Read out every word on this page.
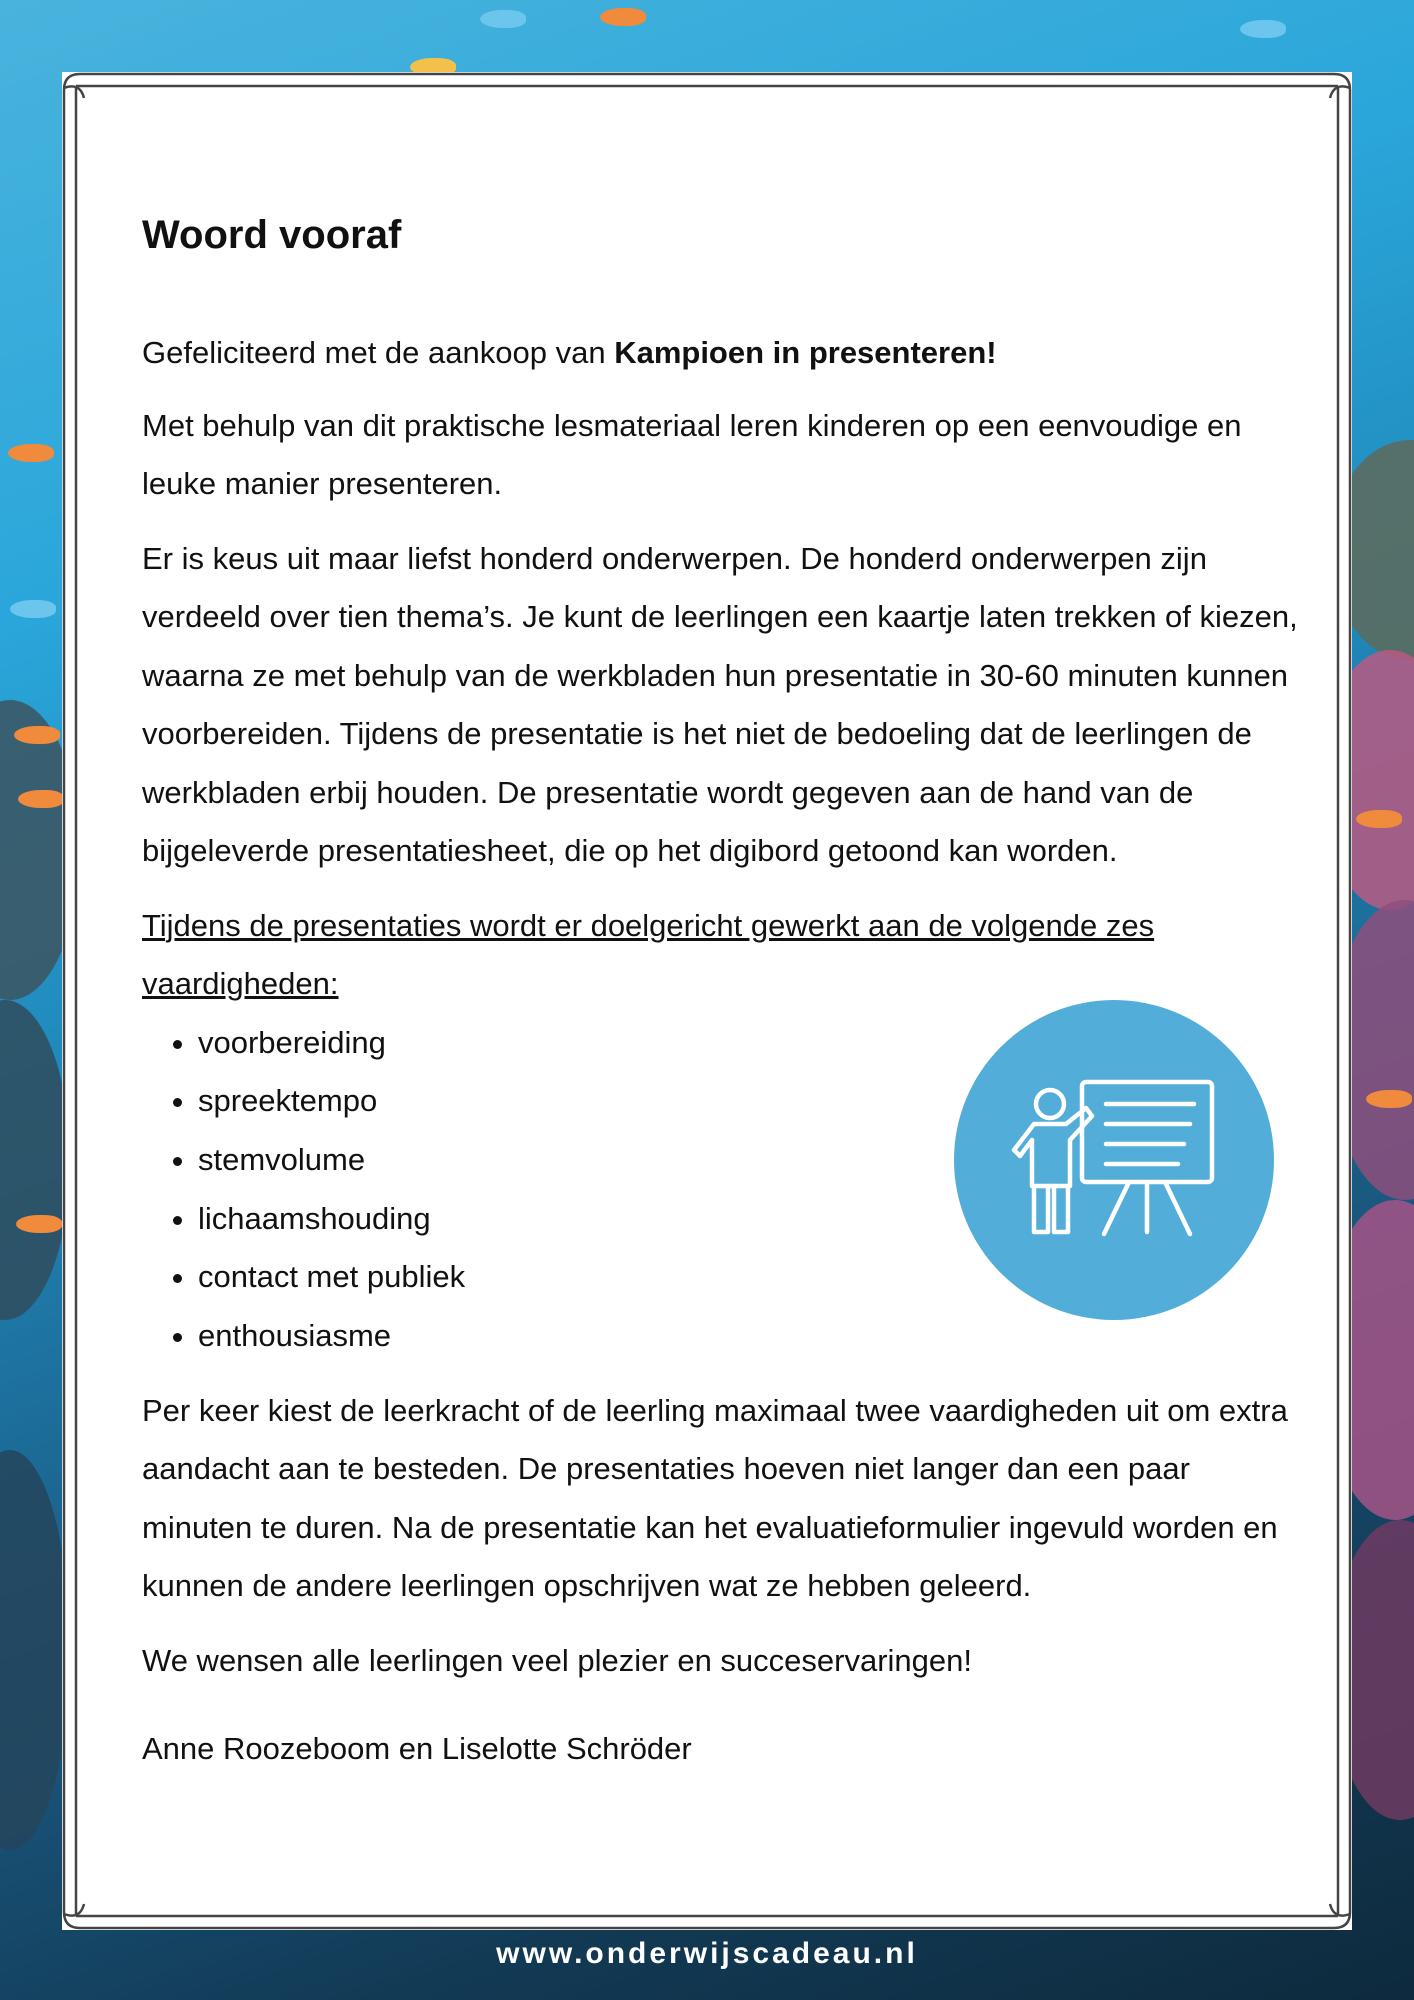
Woord vooraf

Gefeliciteerd met de aankoop van Kampioen in presenteren!

Met behulp van dit praktische lesmateriaal leren kinderen op een eenvoudige en leuke manier presenteren.

Er is keus uit maar liefst honderd onderwerpen. De honderd onderwerpen zijn verdeeld over tien thema’s. Je kunt de leerlingen een kaartje laten trekken of kiezen, waarna ze met behulp van de werkbladen hun presentatie in 30-60 minuten kunnen voorbereiden. Tijdens de presentatie is het niet de bedoeling dat de leerlingen de werkbladen erbij houden. De presentatie wordt gegeven aan de hand van de bijgeleverde presentatiesheet, die op het digibord getoond kan worden.

Tijdens de presentaties wordt er doelgericht gewerkt aan de volgende zes vaardigheden:

• voorbereiding
• spreektempo
• stemvolume
• lichaamshouding
• contact met publiek
• enthousiasme

Per keer kiest de leerkracht of de leerling maximaal twee vaardigheden uit om extra aandacht aan te besteden. De presentaties hoeven niet langer dan een paar minuten te duren. Na de presentatie kan het evaluatieformulier ingevuld worden en kunnen de andere leerlingen opschrijven wat ze hebben geleerd.

We wensen alle leerlingen veel plezier en succeservaringen!

Anne Roozeboom en Liselotte Schröder

www.onderwijscadeau.nl
